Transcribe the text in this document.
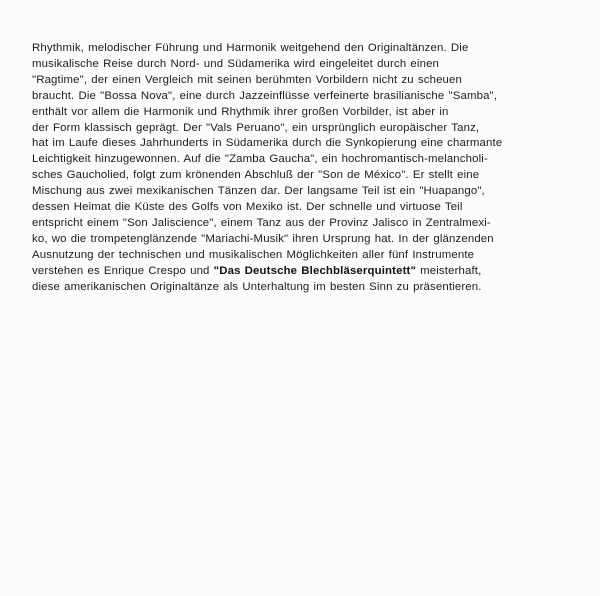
Rhythmik, melodischer Führung und Harmonik weitgehend den Originaltänzen. Die
musikalische Reise durch Nord- und Südamerika wird eingeleitet durch einen
"Ragtime", der einen Vergleich mit seinen berühmten Vorbildern nicht zu scheuen
braucht. Die "Bossa Nova", eine durch Jazzeinflüsse verfeinerte brasilianische "Samba",
enthält vor allem die Harmonik und Rhythmik ihrer großen Vorbilder, ist aber in
der Form klassisch geprägt. Der "Vals Peruano", ein ursprünglich europäischer Tanz,
hat im Laufe dieses Jahrhunderts in Südamerika durch die Synkopierung eine charmante
Leichtigkeit hinzugewonnen. Auf die "Zamba Gaucha", ein hochromantisch-melancholi-
sches Gaucholied, folgt zum krönenden Abschluß der "Son de México". Er stellt eine
Mischung aus zwei mexikanischen Tänzen dar. Der langsame Teil ist ein "Huapango",
dessen Heimat die Küste des Golfs von Mexiko ist. Der schnelle und virtuose Teil
entspricht einem "Son Jaliscience", einem Tanz aus der Provinz Jalisco in Zentralmexi-
ko, wo die trompetenglänzende "Mariachi-Musik" ihren Ursprung hat. In der glänzenden
Ausnutzung der technischen und musikalischen Möglichkeiten aller fünf Instrumente
verstehen es Enrique Crespo und "Das Deutsche Blechbläserquintett" meisterhaft,
diese amerikanischen Originaltänze als Unterhaltung im besten Sinn zu präsentieren.
